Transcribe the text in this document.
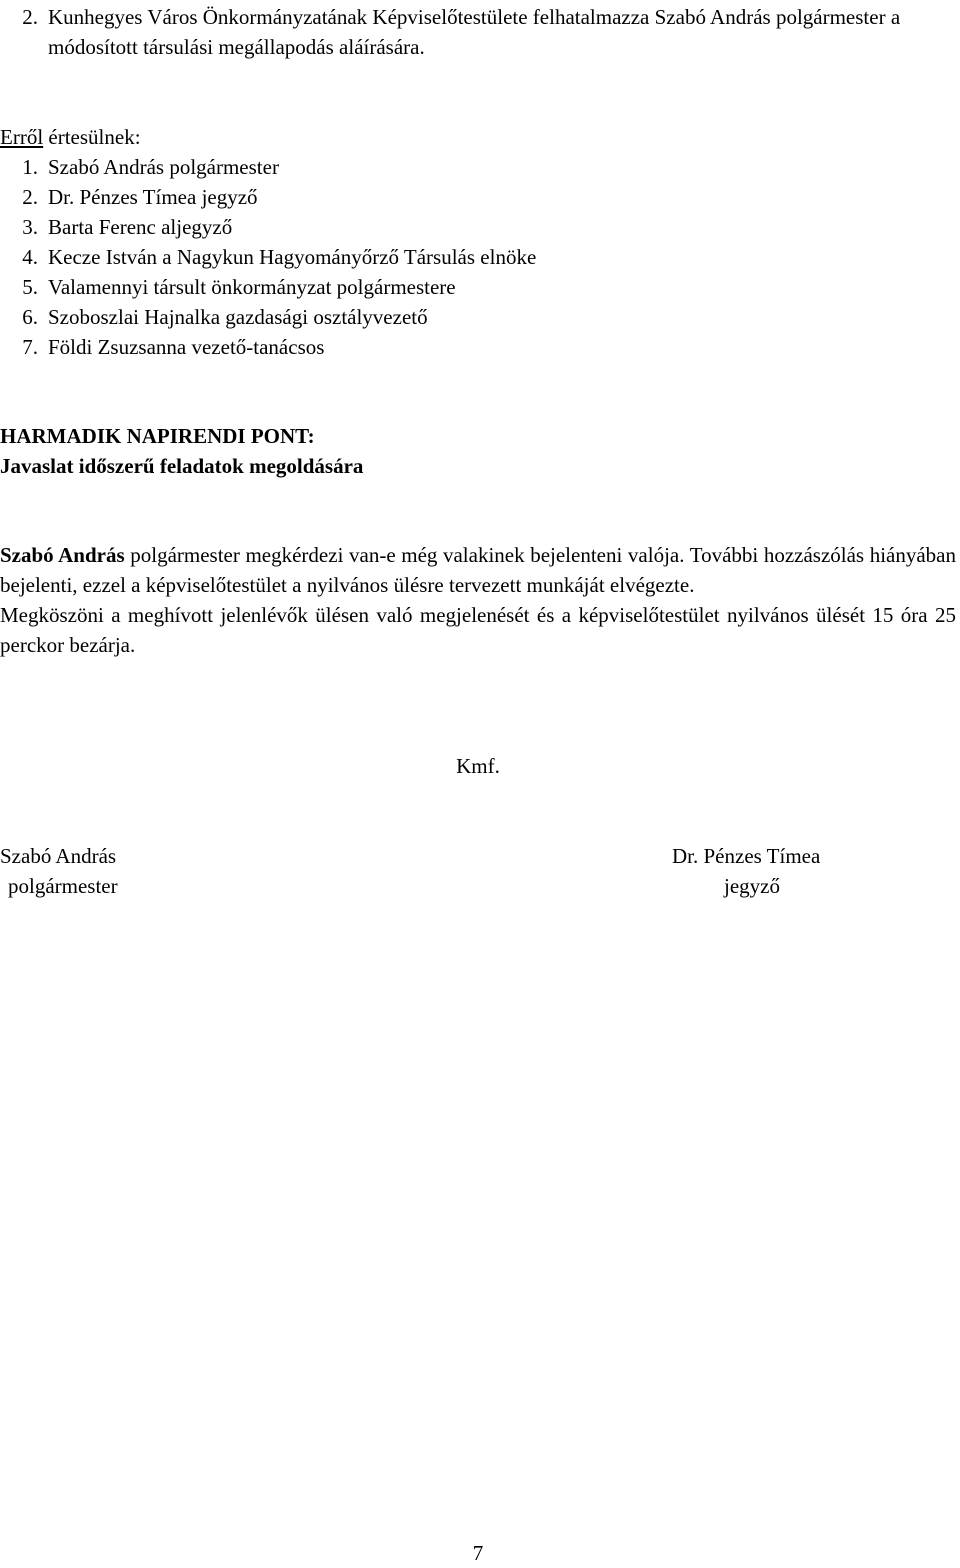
2. Kunhegyes Város Önkormányzatának Képviselőtestülete felhatalmazza Szabó András polgármester a módosított társulási megállapodás aláírására.
Erről értesülnek:
1. Szabó András polgármester
2. Dr. Pénzes Tímea jegyző
3. Barta Ferenc aljegyző
4. Kecze István a Nagykun Hagyományőrző Társulás elnöke
5. Valamennyi társult önkormányzat polgármestere
6. Szoboszlai Hajnalka gazdasági osztályvezető
7. Földi Zsuzsanna vezető-tanácsos
HARMADIK NAPIRENDI PONT:
Javaslat időszerű feladatok megoldására

Szabó András polgármester megkérdezi van-e még valakinek bejelenteni valója. További hozzászólás hiányában bejelenti, ezzel a képviselőtestület a nyilvános ülésre tervezett munkáját elvégezte.

Megköszöni a meghívott jelenlévők ülésen való megjelenését és a képviselőtestület nyilvános ülését 15 óra 25 perckor bezárja.

Kmf.
Szabó András
polgármester
Dr. Pénzes Tímea
jegyző
7
